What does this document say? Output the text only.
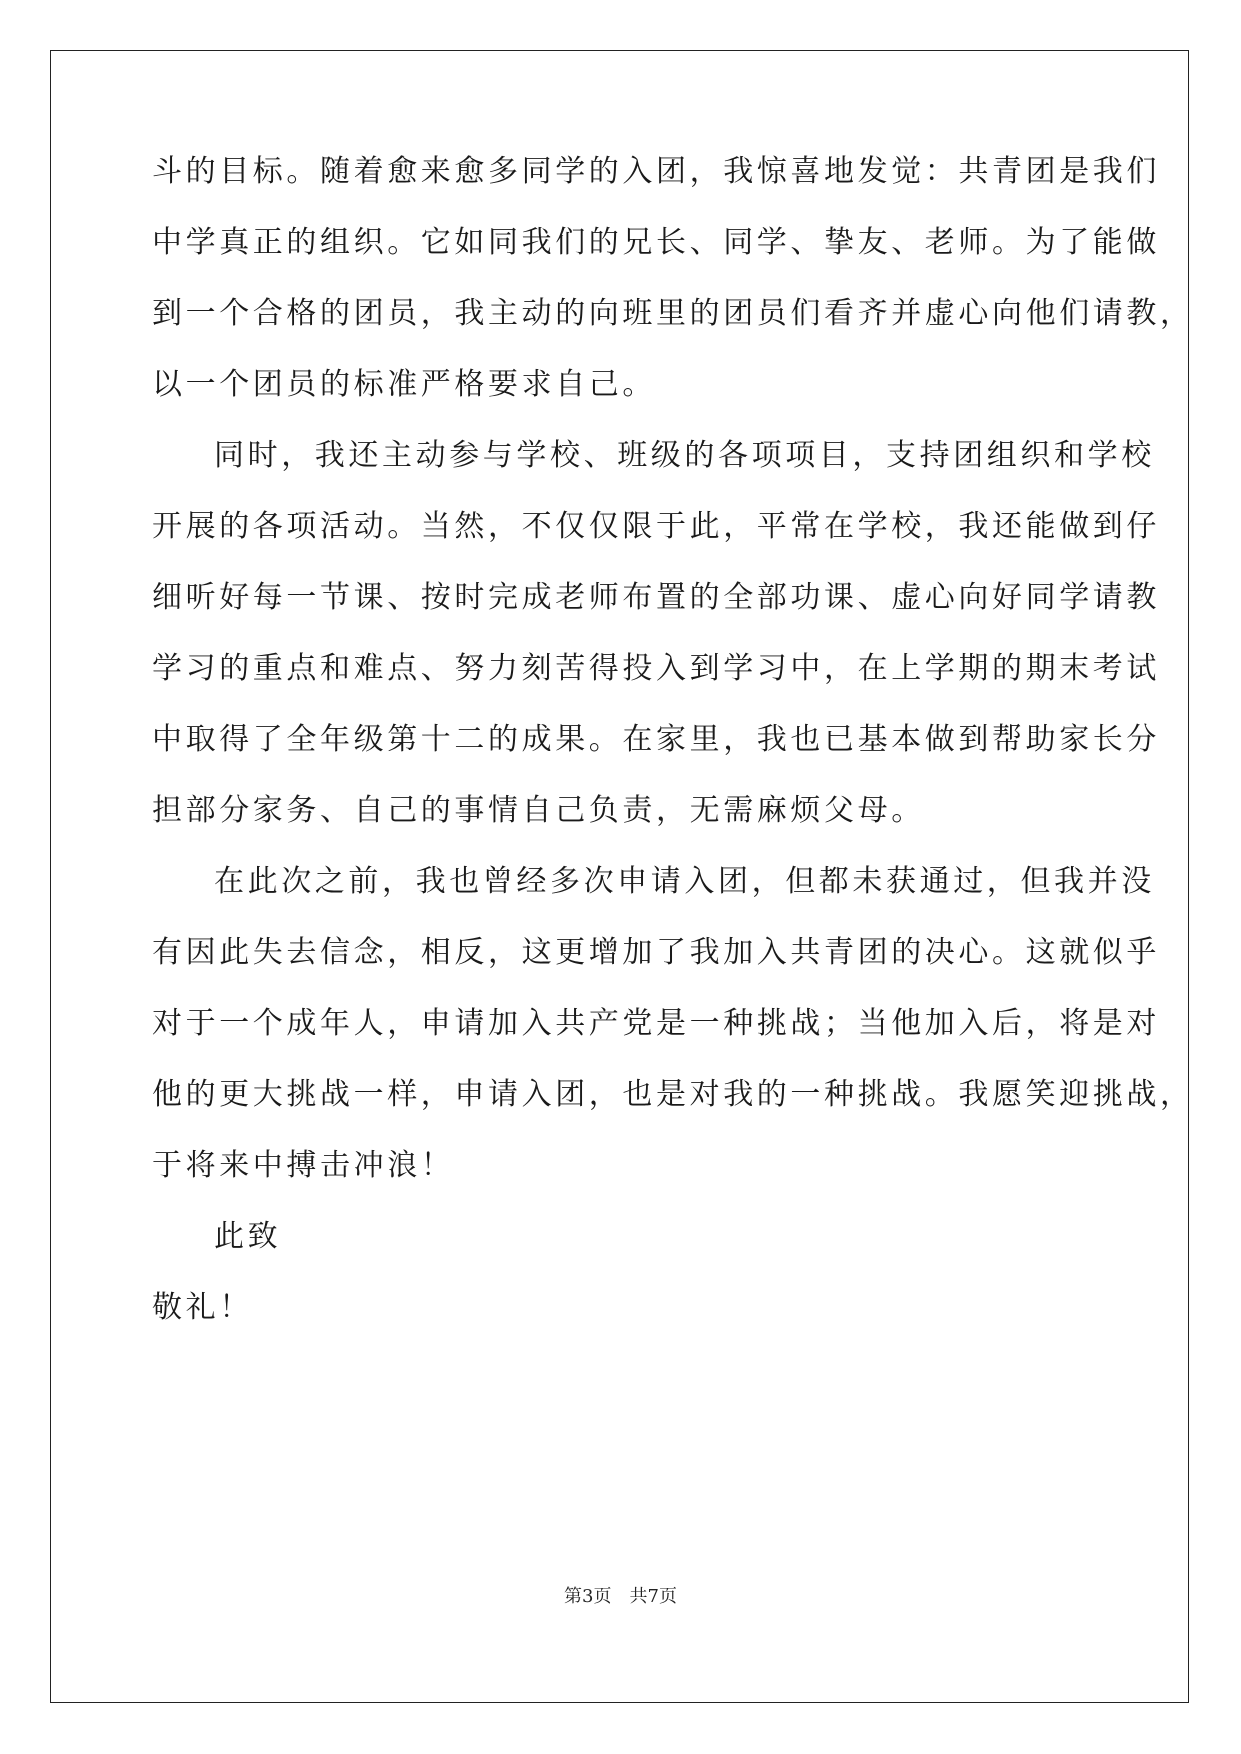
斗的目标。随着愈来愈多同学的入团，我惊喜地发觉：共青团是我们
中学真正的组织。它如同我们的兄长、同学、挚友、老师。为了能做
到一个合格的团员，我主动的向班里的团员们看齐并虚心向他们请教，
以一个团员的标准严格要求自己。
同时，我还主动参与学校、班级的各项项目，支持团组织和学校
开展的各项活动。当然，不仅仅限于此，平常在学校，我还能做到仔
细听好每一节课、按时完成老师布置的全部功课、虚心向好同学请教
学习的重点和难点、努力刻苦得投入到学习中，在上学期的期末考试
中取得了全年级第十二的成果。在家里，我也已基本做到帮助家长分
担部分家务、自己的事情自己负责，无需麻烦父母。
在此次之前，我也曾经多次申请入团，但都未获通过，但我并没
有因此失去信念，相反，这更增加了我加入共青团的决心。这就似乎
对于一个成年人，申请加入共产党是一种挑战；当他加入后，将是对
他的更大挑战一样，申请入团，也是对我的一种挑战。我愿笑迎挑战，
于将来中搏击冲浪！
此致
敬礼！
第3页　共7页
